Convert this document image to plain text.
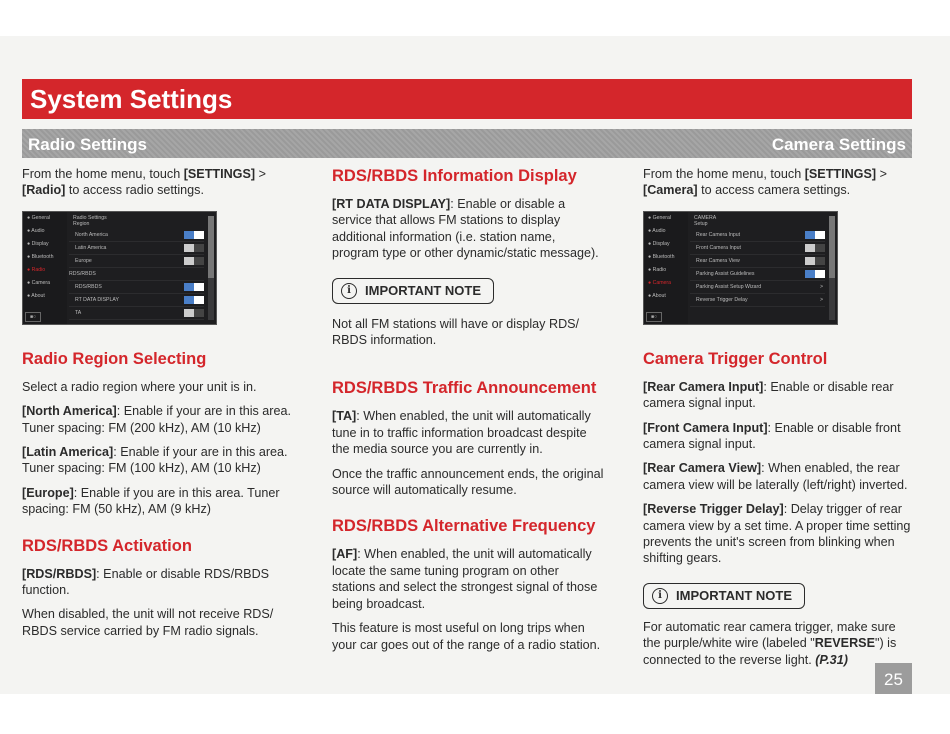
System Settings
Radio Settings	Camera Settings

From the home menu, touch [SETTINGS] > [Radio] to access radio settings.

● General
● Audio
● Display
● Bluetooth
● Radio
● Camera
● About
Radio Settings
Region
North America
Latin America
Europe
RDS/RBDS
RDS/RBDS
RT DATA DISPLAY
TA
■○

Radio Region Selecting

Select a radio region where your unit is in.

[North America]: Enable if your are in this area. Tuner spacing: FM (200 kHz), AM (10 kHz)

[Latin America]: Enable if your are in this area. Tuner spacing: FM (100 kHz), AM (10 kHz)

[Europe]: Enable if you are in this area. Tuner spacing: FM (50 kHz), AM (9 kHz)

RDS/RBDS Activation

[RDS/RBDS]: Enable or disable RDS/RBDS function.

When disabled, the unit will not receive RDS/ RBDS service carried by FM radio signals.

RDS/RBDS Information Display

[RT DATA DISPLAY]: Enable or disable a service that allows FM stations to display additional information (i.e. station name, program type or other dynamic/static message).

i IMPORTANT NOTE

Not all FM stations will have or display RDS/ RBDS information.

RDS/RBDS Traffic Announcement

[TA]: When enabled, the unit will automatically tune in to traffic information broadcast despite the media source you are currently in.

Once the traffic announcement ends, the original source will automatically resume.

RDS/RBDS Alternative Frequency

[AF]: When enabled, the unit will automatically locate the same tuning program on other stations and select the strongest signal of those being broadcast.

This feature is most useful on long trips when your car goes out of the range of a radio station.

From the home menu, touch [SETTINGS] > [Camera] to access camera settings.

● General
● Audio
● Display
● Bluetooth
● Radio
● Camera
● About
CAMERA
Setup
Rear Camera Input
Front Camera Input
Rear Camera View
Parking Assist Guidelines
Parking Assist Setup Wizard	>
Reverse Trigger Delay	>
■○

Camera Trigger Control

[Rear Camera Input]: Enable or disable rear camera signal input.

[Front Camera Input]: Enable or disable front camera signal input.

[Rear Camera View]: When enabled, the rear camera view will be laterally (left/right) inverted.

[Reverse Trigger Delay]: Delay trigger of rear camera view by a set time. A proper time setting prevents the unit's screen from blinking when shifting gears.

i IMPORTANT NOTE

For automatic rear camera trigger, make sure the purple/white wire (labeled "REVERSE") is connected to the reverse light. (P.31)

25
